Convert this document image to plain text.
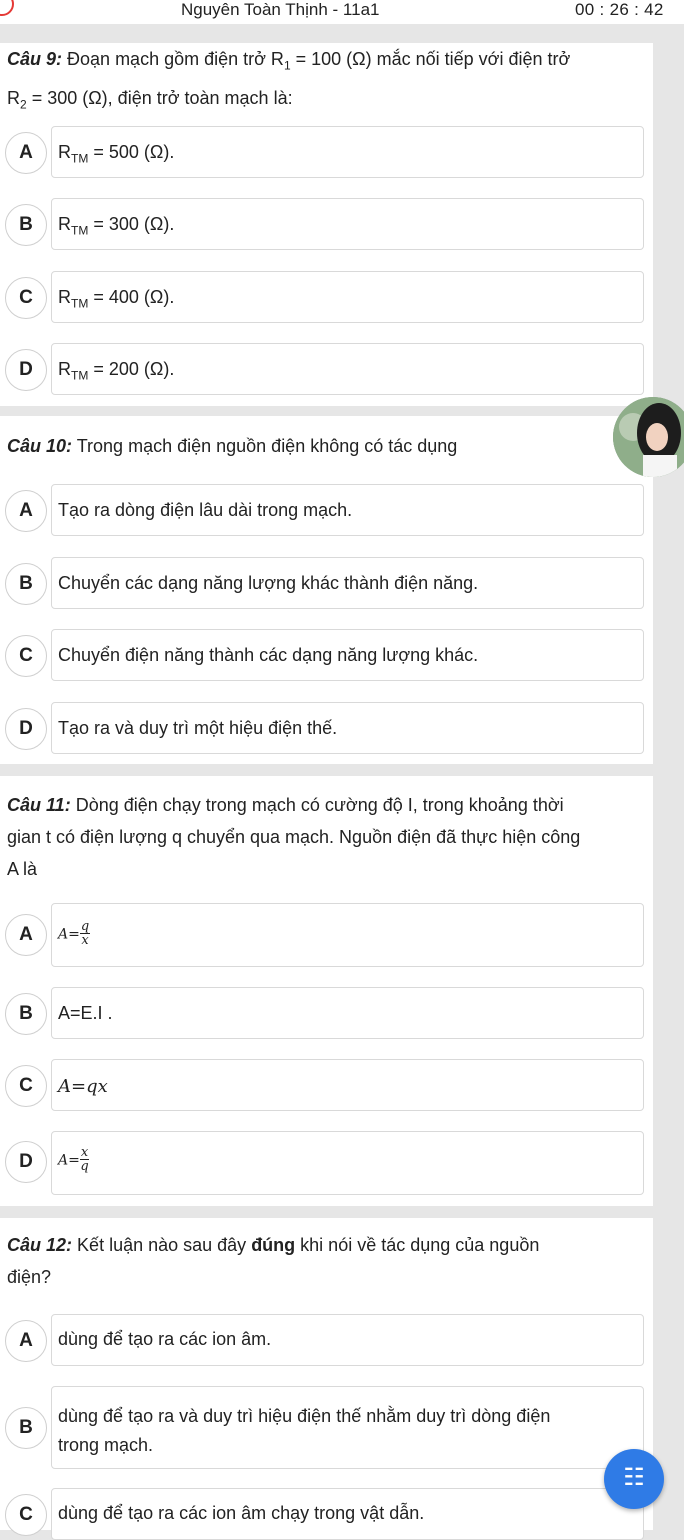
Nguyên Toàn Thịnh - 11a1	00 : 26 : 42
Câu 9: Đoạn mạch gồm điện trở $R_1 = 100$ (Ω) mắc nối tiếp với điện trở
$R_2 = 300$ (Ω), điện trở toàn mạch là:
A	$R_{TM} = 500$ (Ω).
B	$R_{TM} = 300$ (Ω).
C	$R_{TM} = 400$ (Ω).
D	$R_{TM} = 200$ (Ω).
Câu 10: Trong mạch điện nguồn điện không có tác dụng
A	Tạo ra dòng điện lâu dài trong mạch.
B	Chuyển các dạng năng lượng khác thành điện năng.
C	Chuyển điện năng thành các dạng năng lượng khác.
D	Tạo ra và duy trì một hiệu điện thế.
Câu 11: Dòng điện chạy trong mạch có cường độ I, trong khoảng thời
gian t có điện lượng q chuyển qua mạch. Nguồn điện đã thực hiện công
A là
A	$A= \frac{q}{x}$
B	A=E.I .
C	A=qx
D	$A= \frac{x}{q}$
Câu 12: Kết luận nào sau đây đúng khi nói về tác dụng của nguồn
điện?
A	dùng để tạo ra các ion âm.
B
dùng để tạo ra và duy trì hiệu điện thế nhằm duy trì dòng điện
trong mạch.
C	dùng để tạo ra các ion âm chạy trong vật dẫn.
☷
